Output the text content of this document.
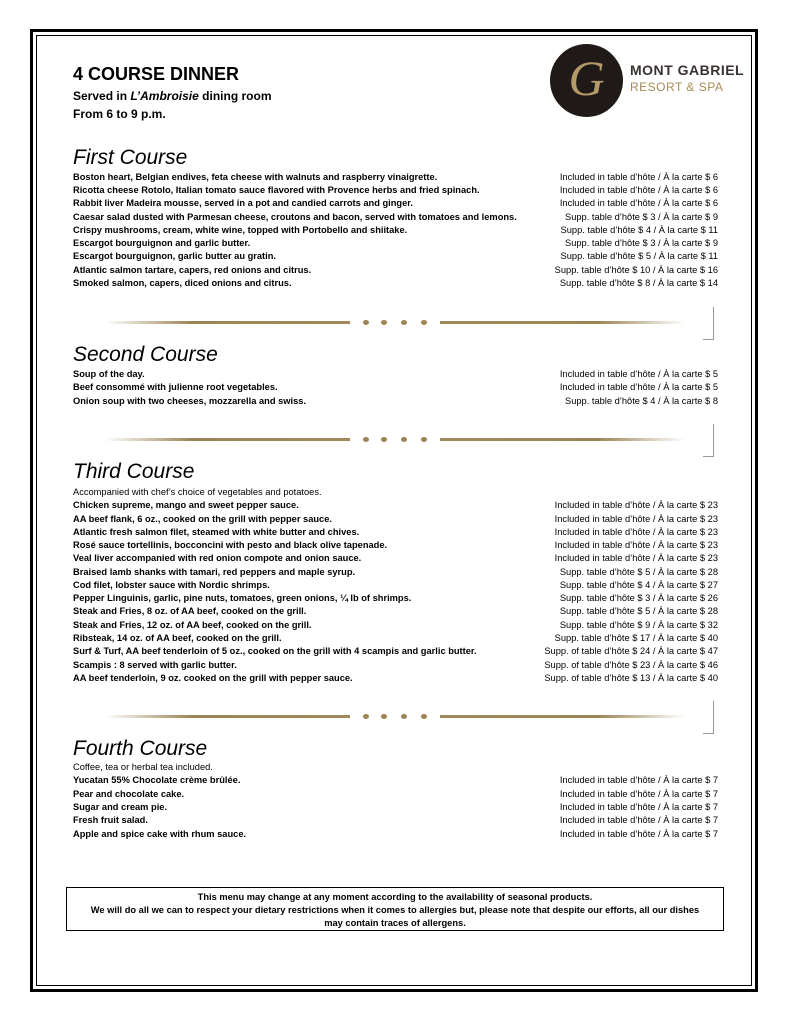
4 COURSE DINNER
Served in L’Ambroisie dining room
From 6 to 9 p.m.
G	MONT GABRIEL
RESORT & SPA
First Course
Boston heart, Belgian endives, feta cheese with walnuts and raspberry vinaigrette.	Included in table d’hôte / À la carte $ 6
Ricotta cheese Rotolo, Italian tomato sauce flavored with Provence herbs and fried spinach.	Included in table d’hôte / À la carte $ 6
Rabbit liver Madeira mousse, served in a pot and candied carrots and ginger.	Included in table d’hôte / À la carte $ 6
Caesar salad dusted with Parmesan cheese, croutons and bacon, served with tomatoes and lemons.	Supp. table d’hôte $ 3 / À la carte $ 9
Crispy mushrooms, cream, white wine, topped with Portobello and shiitake.	Supp. table d’hôte $ 4 / À la carte $ 11
Escargot bourguignon and garlic butter.	Supp. table d’hôte $ 3 / À la carte $ 9
Escargot bourguignon, garlic butter au gratin.	Supp. table d’hôte $ 5 / À la carte $ 11
Atlantic salmon tartare, capers, red onions and citrus.	Supp. table d’hôte $ 10 / À la carte $ 16
Smoked salmon, capers, diced onions and citrus.	Supp. table d’hôte $ 8 / À la carte $ 14
Second Course
Soup of the day.	Included in table d’hôte / À la carte $ 5
Beef consommé with julienne root vegetables.	Included in table d’hôte / À la carte $ 5
Onion soup with two cheeses, mozzarella and swiss.	Supp. table d’hôte $ 4 / À la carte $ 8
Third Course
Accompanied with chef’s choice of vegetables and potatoes.
Chicken supreme, mango and sweet pepper sauce.	Included in table d’hôte / À la carte $ 23
AA beef flank, 6 oz., cooked on the grill with pepper sauce.	Included in table d’hôte / À la carte $ 23
Atlantic fresh salmon filet, steamed with white butter and chives.	Included in table d’hôte / À la carte $ 23
Rosé sauce tortellinis, bocconcini with pesto and black olive tapenade.	Included in table d’hôte / À la carte $ 23
Veal liver accompanied with red onion compote and onion sauce.	Included in table d’hôte / À la carte $ 23
Braised lamb shanks with tamari, red peppers and maple syrup.	Supp. table d’hôte $ 5 / À la carte $ 28
Cod filet, lobster sauce with Nordic shrimps.	Supp. table d’hôte $ 4 / À la carte $ 27
Pepper Linguinis, garlic, pine nuts, tomatoes, green onions, ¼ lb of shrimps.	Supp. table d’hôte $ 3 / À la carte $ 26
Steak and Fries, 8 oz. of AA beef, cooked on the grill.	Supp. table d’hôte $ 5 / À la carte $ 28
Steak and Fries, 12 oz. of AA beef, cooked on the grill.	Supp. table d’hôte $ 9 / À la carte $ 32
Ribsteak, 14 oz. of AA beef, cooked on the grill.	Supp. table d’hôte $ 17 / À la carte $ 40
Surf & Turf, AA beef tenderloin of 5 oz., cooked on the grill with 4 scampis and garlic butter.	Supp. of table d’hôte $ 24 / À la carte $ 47
Scampis : 8 served with garlic butter.	Supp. of table d’hôte $ 23 / À la carte $ 46
AA beef tenderloin, 9 oz. cooked on the grill with pepper sauce.	Supp. of table d’hôte $ 13 / À la carte $ 40
Fourth Course
Coffee, tea or herbal tea included.
Yucatan 55% Chocolate crème brûlée.	Included in table d’hôte / À la carte $ 7
Pear and chocolate cake.	Included in table d’hôte / À la carte $ 7
Sugar and cream pie.	Included in table d’hôte / À la carte $ 7
Fresh fruit salad.	Included in table d’hôte / À la carte $ 7
Apple and spice cake with rhum sauce.	Included in table d’hôte / À la carte $ 7
This menu may change at any moment according to the availability of seasonal products.
We will do all we can to respect your dietary restrictions when it comes to allergies but, please note that despite our efforts, all our dishes
may contain traces of allergens.
